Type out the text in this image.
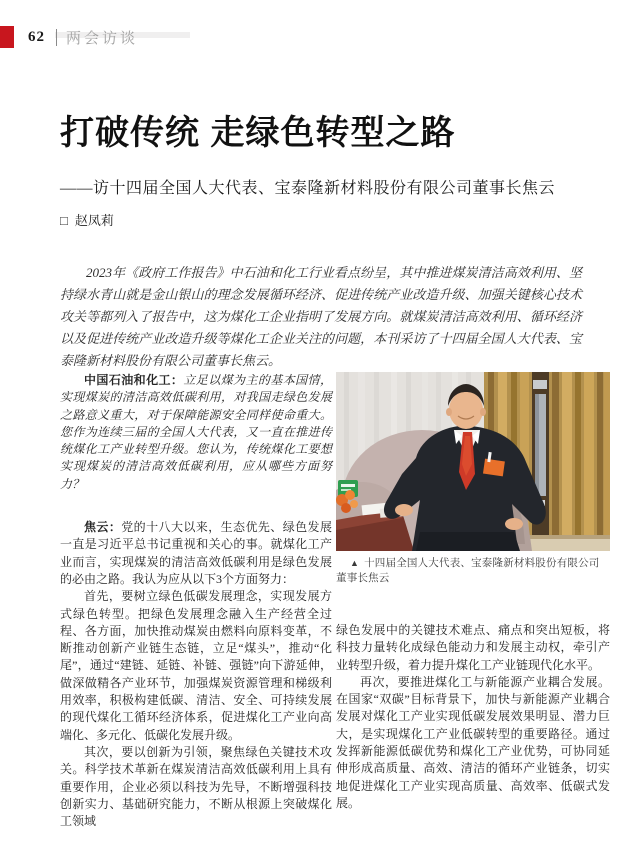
62 两会访谈
打破传统 走绿色转型之路
——访十四届全国人大代表、宝泰隆新材料股份有限公司董事长焦云
□ 赵凤莉
2023年《政府工作报告》中石油和化工行业看点纷呈，其中推进煤炭清洁高效利用、坚持绿水青山就是金山银山的理念发展循环经济、促进传统产业改造升级、加强关键核心技术攻关等都列入了报告中，这为煤化工企业指明了发展方向。就煤炭清洁高效利用、循环经济以及促进传统产业改造升级等煤化工企业关注的问题，本刊采访了十四届全国人大代表、宝泰隆新材料股份有限公司董事长焦云。

中国石油和化工：立足以煤为主的基本国情，实现煤炭的清洁高效低碳利用，对我国走绿色发展之路意义重大，对于保障能源安全同样使命重大。您作为连续三届的全国人大代表，又一直在推进传统煤化工产业转型升级。您认为，传统煤化工要想实现煤炭的清洁高效低碳利用，应从哪些方面努力？

焦云：党的十八大以来，生态优先、绿色发展一直是习近平总书记重视和关心的事。就煤化工产业而言，实现煤炭的清洁高效低碳利用是绿色发展的必由之路。我认为应从以下3个方面努力：

首先，要树立绿色低碳发展理念，实现发展方式绿色转型。把绿色发展理念融入生产经营全过程、各方面，加快推动煤炭由燃料向原料变革，不断推动创新产业链生态链，立足“煤头”，推动“化尾”，通过“建链、延链、补链、强链”向下游延伸，做深做精各产业环节，加强煤炭资源管理和梯级利用效率，积极构建低碳、清洁、安全、可持续发展的现代煤化工循环经济体系，促进煤化工产业向高端化、多元化、低碳化发展升级。

其次，要以创新为引领，聚焦绿色关键技术攻关。科学技术革新在煤炭清洁高效低碳利用上具有重要作用，企业必须以科技为先导，不断增强科技创新实力、基础研究能力，不断从根源上突破煤化工领域

▲ 十四届全国人大代表、宝泰隆新材料股份有限公司董事长焦云

绿色发展中的关键技术难点、痛点和突出短板，将科技力量转化成绿色能动力和发展主动权，牵引产业转型升级，着力提升煤化工产业链现代化水平。

再次，要推进煤化工与新能源产业耦合发展。在国家“双碳”目标背景下，加快与新能源产业耦合发展对煤化工产业实现低碳发展效果明显、潜力巨大，是实现煤化工产业低碳转型的重要路径。通过发挥新能源低碳优势和煤化工产业优势，可协同延伸形成高质量、高效、清洁的循环产业链条，切实地促进煤化工产业实现高质量、高效率、低碳式发展。
